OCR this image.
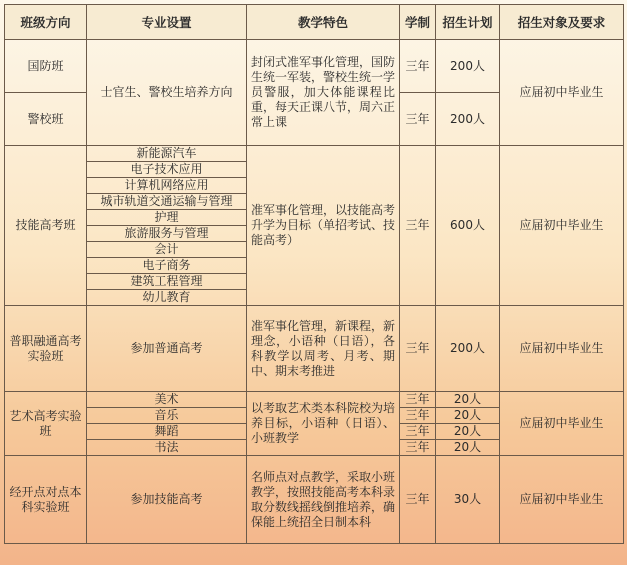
班级方向	专业设置	教学特色	学制	招生计划	招生对象及要求
国防班	士官生、警校生培养方向	封闭式准军事化管理，国防生统一军装，警校生统一学员警服，加大体能课程比重，每天正课八节，周六正常上课	三年	200人	应届初中毕业生
警校班			三年	200人	
技能高考班	新能源汽车	准军事化管理，以技能高考升学为目标（单招考试、技能高考）	三年	600人	应届初中毕业生
	电子技术应用				
	计算机网络应用				
	城市轨道交通运输与管理				
	护理				
	旅游服务与管理				
	会计				
	电子商务				
	建筑工程管理				
	幼儿教育				
普职融通高考实验班	参加普通高考	准军事化管理，新课程，新理念，小语种（日语），各科教学以周考、月考、期中、期末考推进	三年	200人	应届初中毕业生
艺术高考实验班	美术	以考取艺术类本科院校为培养目标，小语种（日语）、小班教学	三年	20人	应届初中毕业生
	音乐		三年	20人	
	舞蹈		三年	20人	
	书法		三年	20人	
经开点对点本科实验班	参加技能高考	名师点对点教学，采取小班教学，按照技能高考本科录取分数线摇线倒推培养，确保能上统招全日制本科	三年	30人	应届初中毕业生
